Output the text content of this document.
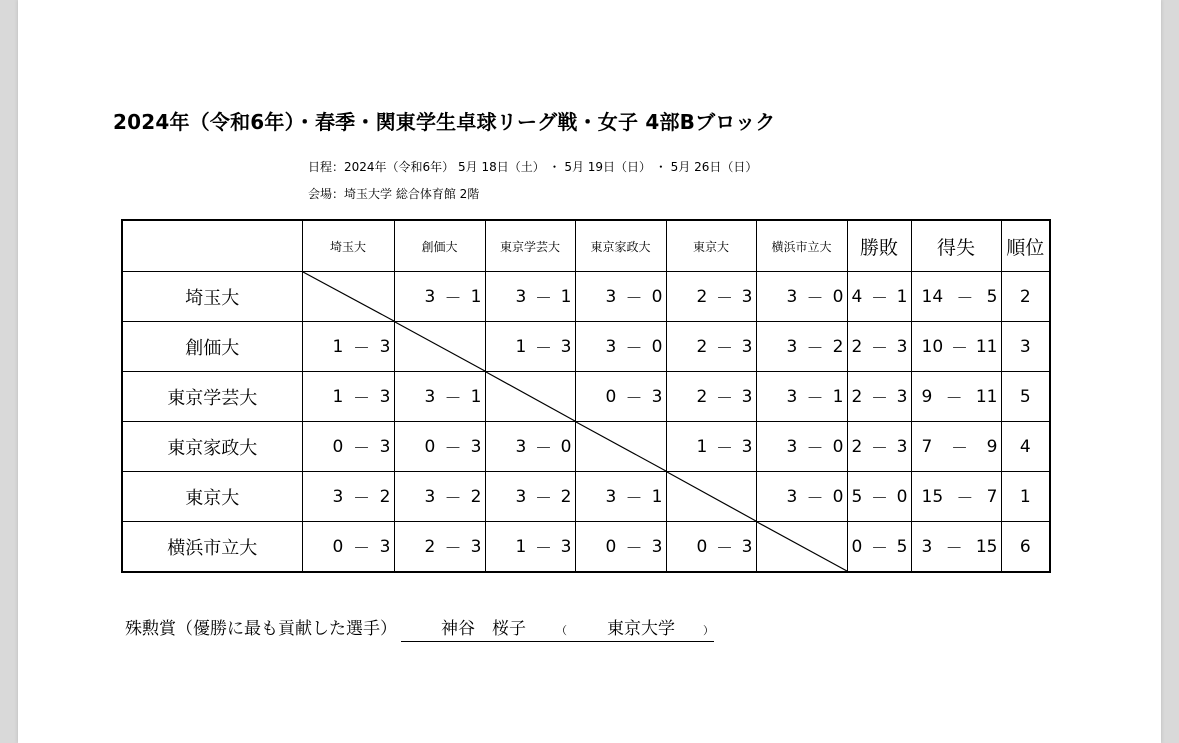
2024年（令和6年）・春季・関東学生卓球リーグ戦・女子 4部Bブロック
日程：2024年（令和6年） 5月 18日（土） ・ 5月 19日（日） ・ 5月 26日（日）
会場：埼玉大学 総合体育館 2階
	埼玉大	創価大	東京学芸大	東京家政大	東京大	横浜市立大	勝敗	得失	順位
埼玉大		3 － 1	3 － 1	3 － 0	2 － 3	3 － 0	4 － 1	14 － 5	2
創価大	1 － 3		1 － 3	3 － 0	2 － 3	3 － 2	2 － 3	10 － 11	3
東京学芸大	1 － 3	3 － 1		0 － 3	2 － 3	3 － 1	2 － 3	9 － 11	5
東京家政大	0 － 3	0 － 3	3 － 0		1 － 3	3 － 0	2 － 3	7 － 9	4
東京大	3 － 2	3 － 2	3 － 2	3 － 1		3 － 0	5 － 0	15 － 7	1
横浜市立大	0 － 3	2 － 3	1 － 3	0 － 3	0 － 3		0 － 5	3 － 15	6
殊勲賞（優勝に最も貢献した選手）	神谷　桜子	（	東京大学	）
